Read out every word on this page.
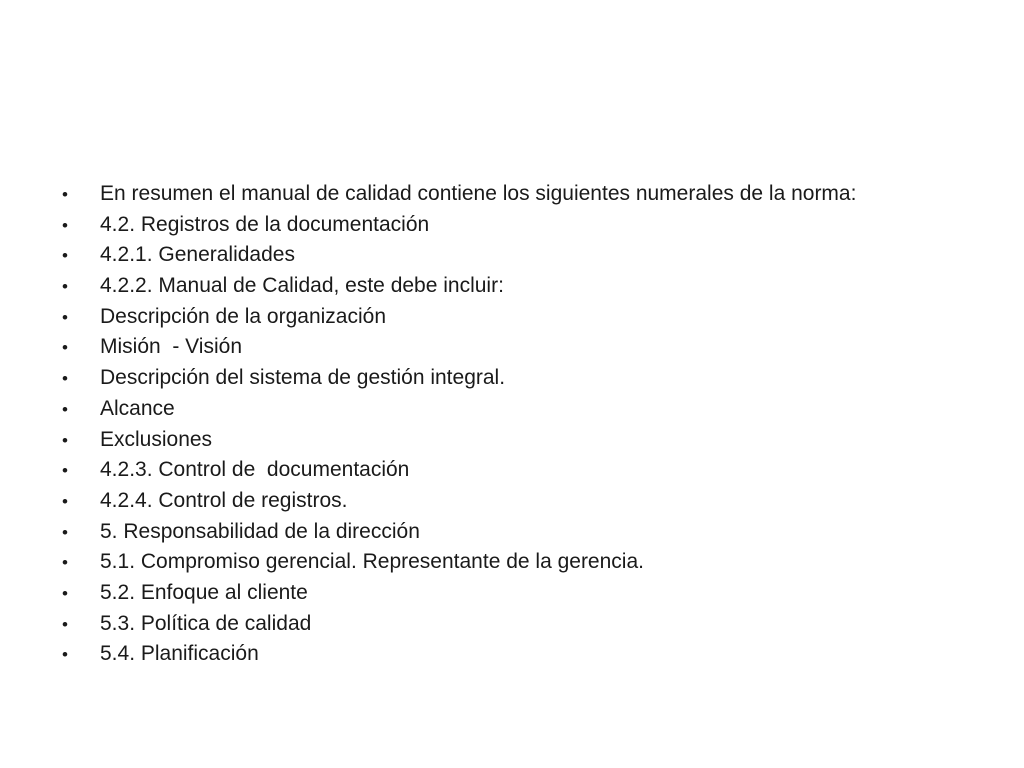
•	En resumen el manual de calidad contiene los siguientes numerales de la norma:
•	4.2. Registros de la documentación
•	4.2.1. Generalidades
•	4.2.2. Manual de Calidad, este debe incluir:
•	Descripción de la organización
•	Misión  - Visión
•	Descripción del sistema de gestión integral.
•	Alcance
•	Exclusiones
•	4.2.3. Control de  documentación
•	4.2.4. Control de registros.
•	5. Responsabilidad de la dirección
•	5.1. Compromiso gerencial. Representante de la gerencia.
•	5.2. Enfoque al cliente
•	5.3. Política de calidad
•	5.4. Planificación
